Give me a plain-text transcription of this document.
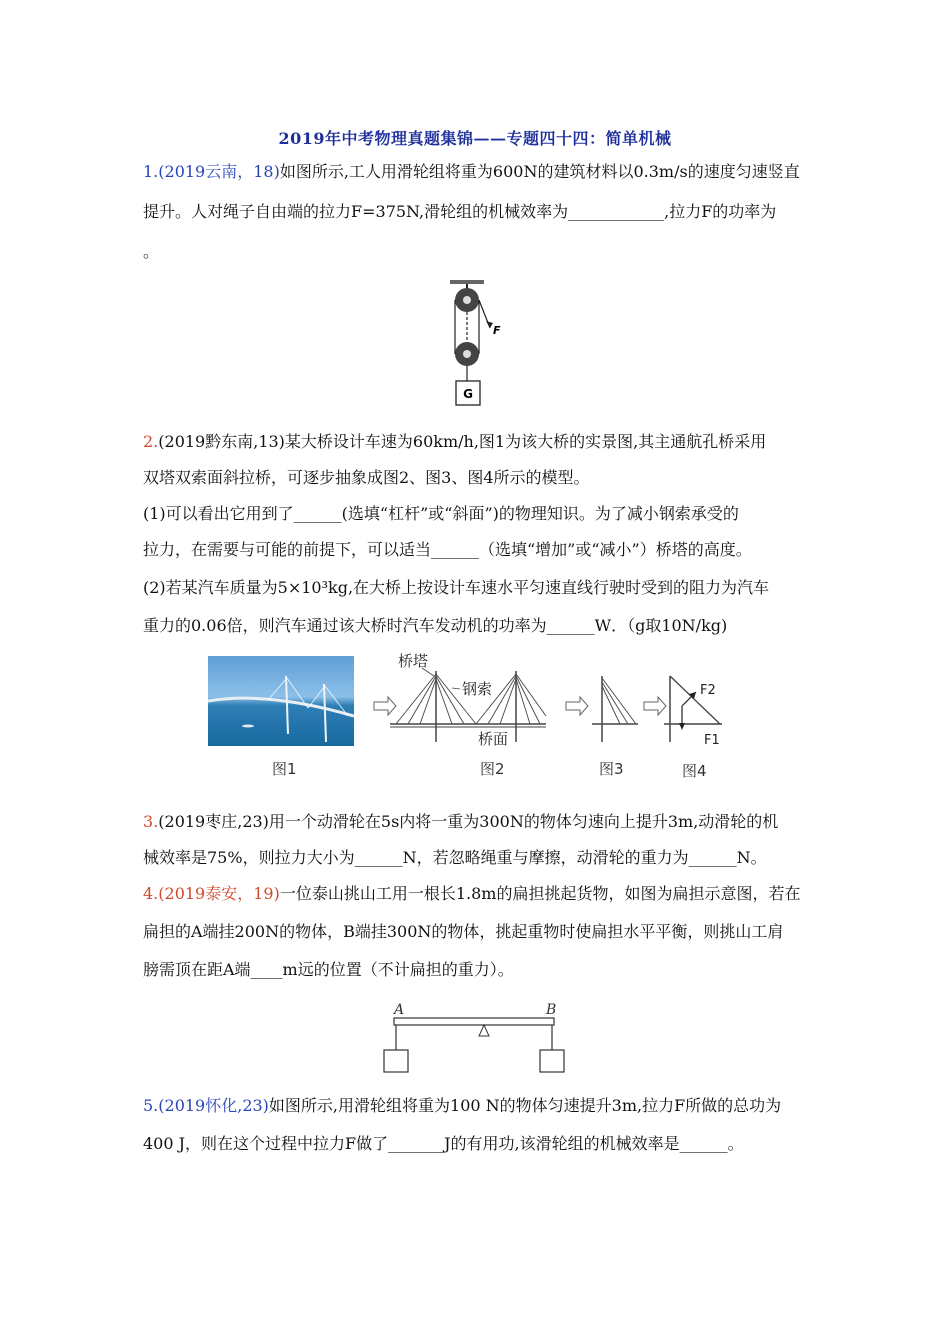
2019年中考物理真题集锦——专题四十四：简单机械
1.(2019云南，18)如图所示,工人用滑轮组将重为600N的建筑材料以0.3m/s的速度匀速竖直
提升。人对绳子自由端的拉力F=375N,滑轮组的机械效率为____________,拉力F的功率为
。
F
G
2.(2019黔东南,13)某大桥设计车速为60km/h,图1为该大桥的实景图,其主通航孔桥采用
双塔双索面斜拉桥，可逐步抽象成图2、图3、图4所示的模型。
(1)可以看出它用到了______(选填“杠杆”或“斜面”)的物理知识。为了减小钢索承受的
拉力，在需要与可能的前提下，可以适当______（选填“增加”或“减小”）桥塔的高度。
(2)若某汽车质量为5×10³kg,在大桥上按设计车速水平匀速直线行驶时受到的阻力为汽车
重力的0.06倍，则汽车通过该大桥时汽车发动机的功率为______W．（g取10N/kg)
图1
桥塔
钢索
桥面
F2
F1
图2	图3	图4
3.(2019枣庄,23)用一个动滑轮在5s内将一重为300N的物体匀速向上提升3m,动滑轮的机
械效率是75%，则拉力大小为______N，若忽略绳重与摩擦，动滑轮的重力为______N。
4.(2019泰安，19)一位泰山挑山工用一根长1.8m的扁担挑起货物，如图为扁担示意图，若在
扁担的A端挂200N的物体，B端挂300N的物体，挑起重物时使扁担水平平衡，则挑山工肩
膀需顶在距A端____m远的位置（不计扁担的重力）。
A	B
5.(2019怀化,23)如图所示,用滑轮组将重为100 N的物体匀速提升3m,拉力F所做的总功为
400 J，则在这个过程中拉力F做了_______J的有用功,该滑轮组的机械效率是______。
